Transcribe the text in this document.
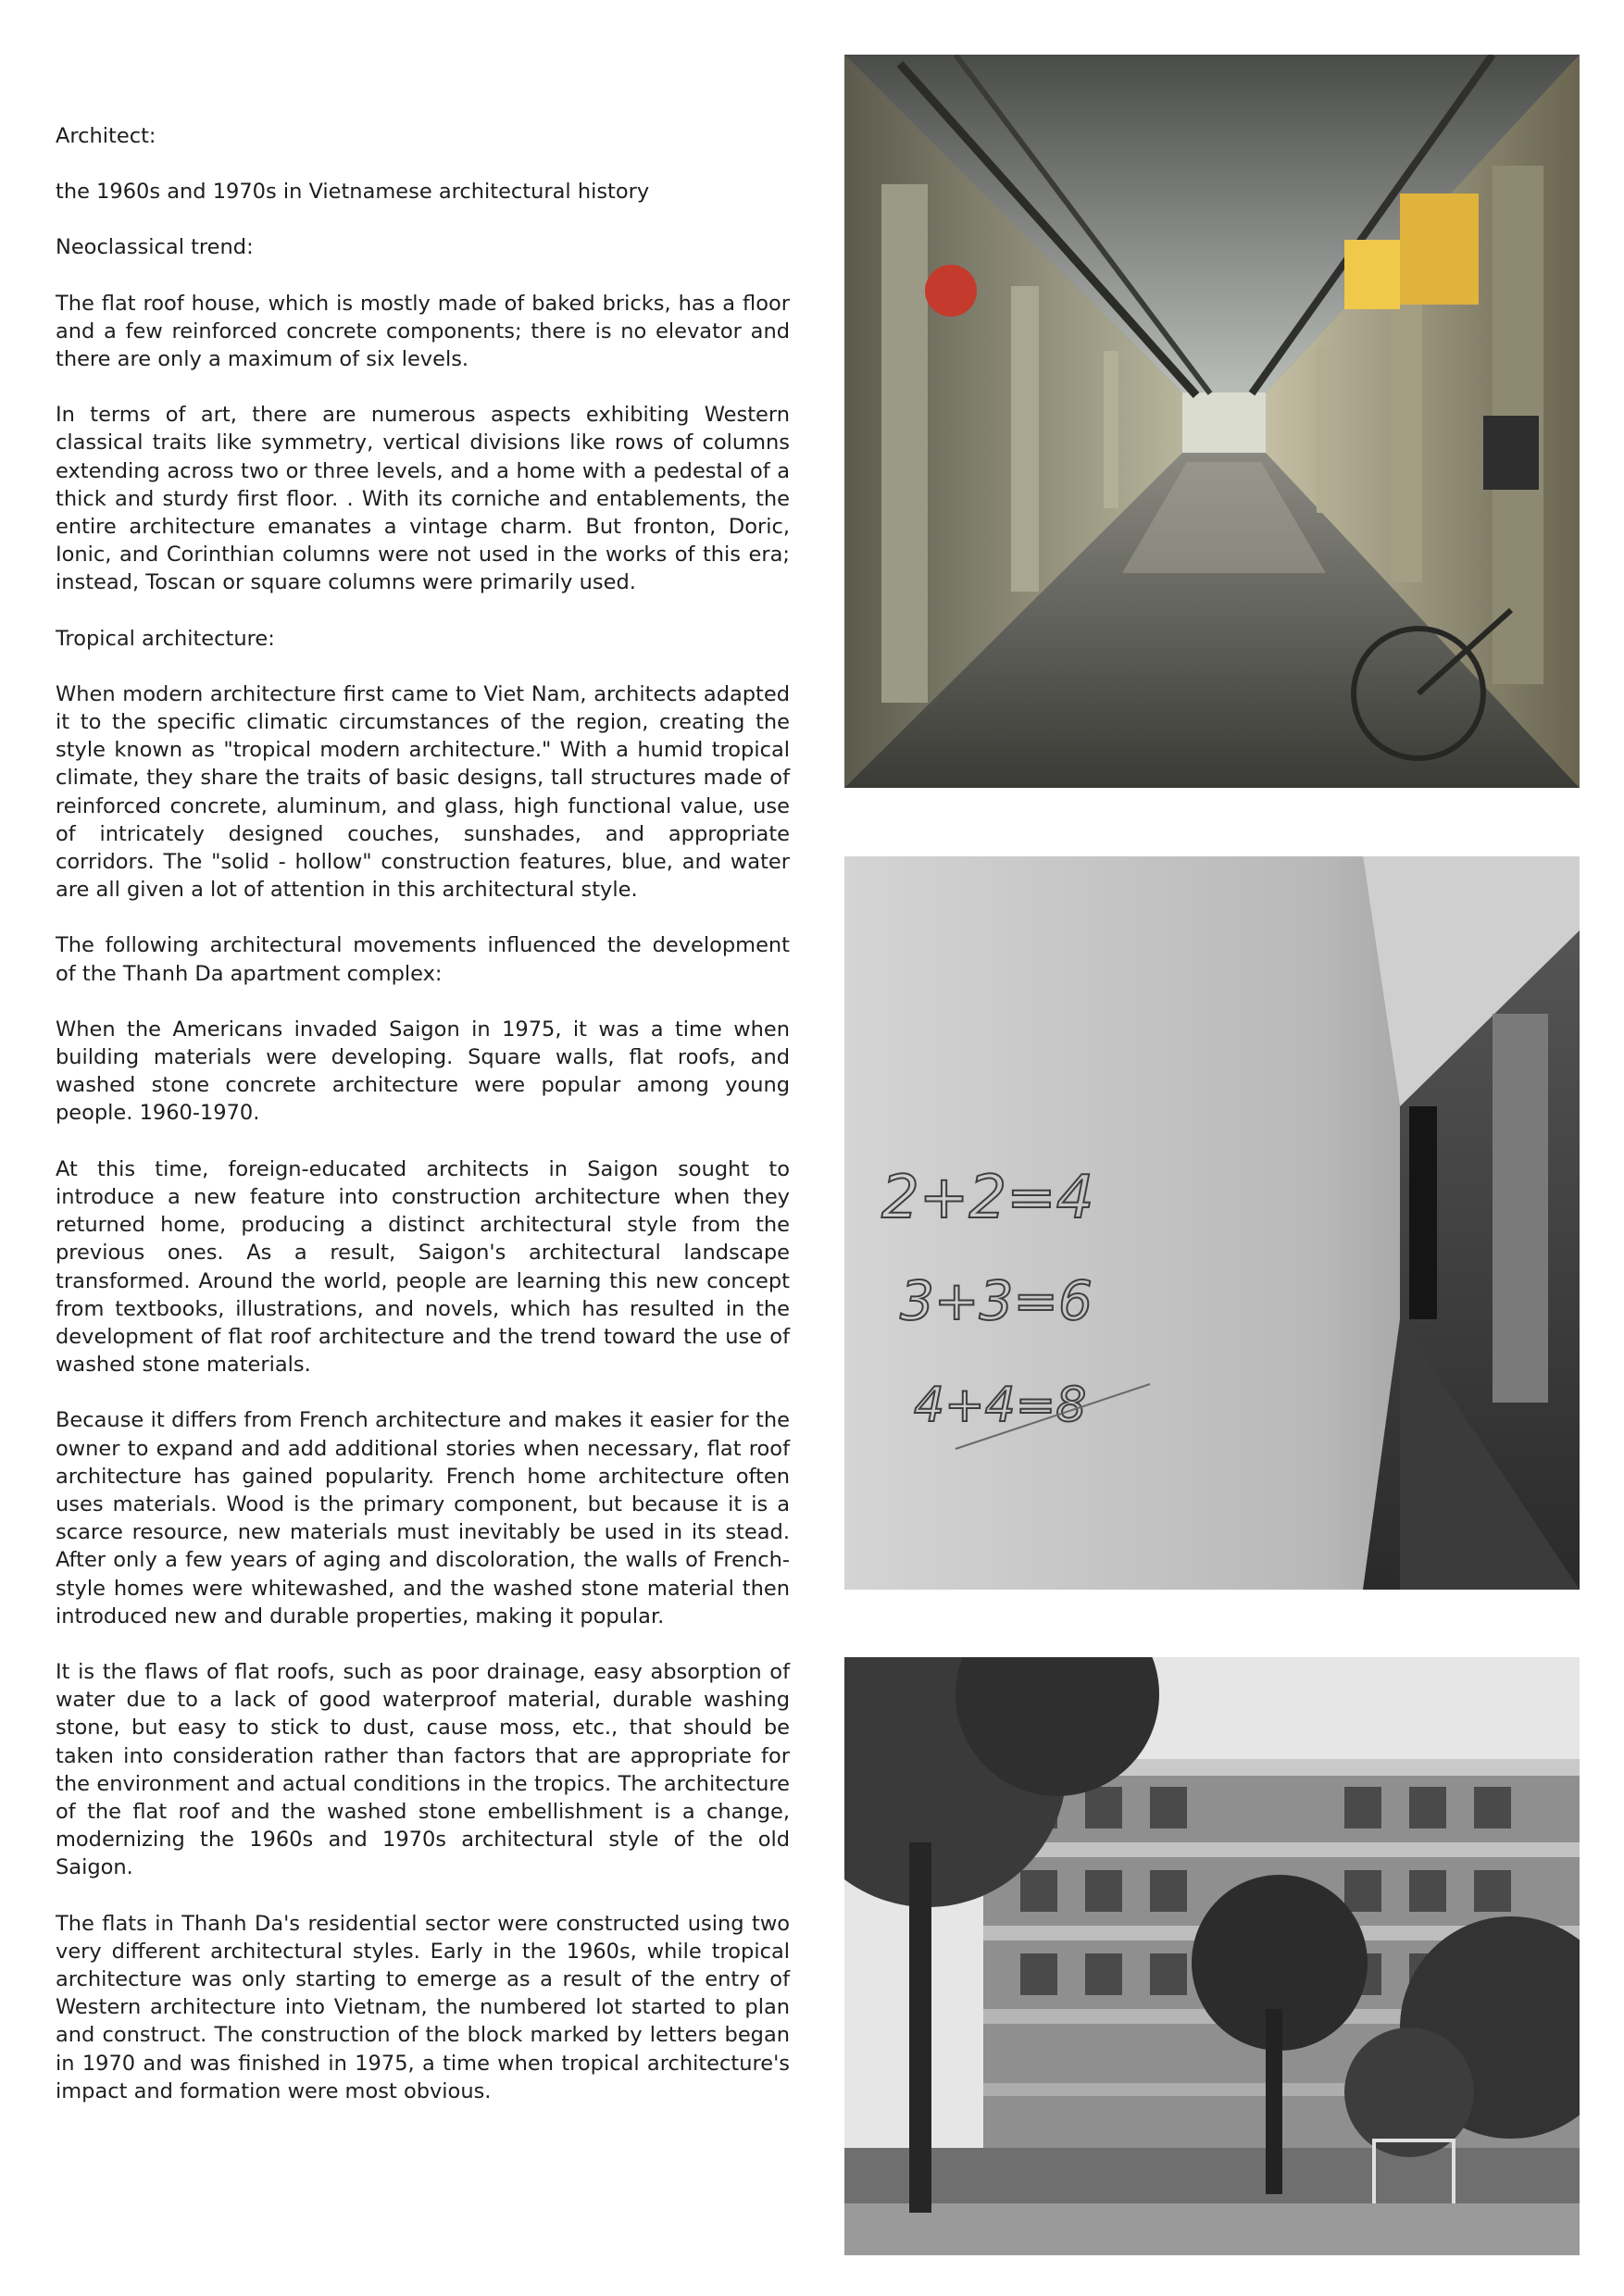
Architect:

the 1960s and 1970s in Vietnamese architectural history

Neoclassical trend:

The flat roof house, which is mostly made of baked bricks, has a floor and a few reinforced concrete components; there is no elevator and there are only a maximum of six levels.

In terms of art, there are numerous aspects exhibiting Western classical traits like symmetry, vertical divisions like rows of columns extending across two or three levels, and a home with a pedestal of a thick and sturdy first floor. . With its corniche and entablements, the entire architecture emanates a vintage charm. But fronton, Doric, Ionic, and Corinthian columns were not used in the works of this era; instead, Toscan or square columns were primarily used.

Tropical architecture:

When modern architecture first came to Viet Nam, architects adapted it to the specific climatic circumstances of the region, creating the style known as "tropical modern architecture." With a humid tropical climate, they share the traits of basic designs, tall structures made of reinforced concrete, aluminum, and glass, high functional value, use of intricately designed couches, sunshades, and appropriate corridors. The "solid - hollow" construction features, blue, and water are all given a lot of attention in this architectural style.

The following architectural movements influenced the development of the Thanh Da apartment complex:

When the Americans invaded Saigon in 1975, it was a time when building materials were developing. Square walls, flat roofs, and washed stone concrete architecture were popular among young people. 1960-1970.

At this time, foreign-educated architects in Saigon sought to introduce a new feature into construction architecture when they returned home, producing a distinct architectural style from the previous ones. As a result, Saigon's architectural landscape transformed. Around the world, people are learning this new concept from textbooks, illustrations, and novels, which has resulted in the development of flat roof architecture and the trend toward the use of washed stone materials.

Because it differs from French architecture and makes it easier for the owner to expand and add additional stories when necessary, flat roof architecture has gained popularity. French home architecture often uses materials. Wood is the primary component, but because it is a scarce resource, new materials must inevitably be used in its stead. After only a few years of aging and discoloration, the walls of French-style homes were whitewashed, and the washed stone material then introduced new and durable properties, making it popular.

It is the flaws of flat roofs, such as poor drainage, easy absorption of water due to a lack of good waterproof material, durable washing stone, but easy to stick to dust, cause moss, etc., that should be taken into consideration rather than factors that are appropriate for the environment and actual conditions in the tropics. The architecture of the flat roof and the washed stone embellishment is a change, modernizing the 1960s and 1970s architectural style of the old Saigon.

The flats in Thanh Da's residential sector were constructed using two very different architectural styles. Early in the 1960s, while tropical architecture was only starting to emerge as a result of the entry of Western architecture into Vietnam, the numbered lot started to plan and construct. The construction of the block marked by letters began in 1970 and was finished in 1975, a time when tropical architecture's impact and formation were most obvious.

2+2=4
3+3=6
4+4=8
